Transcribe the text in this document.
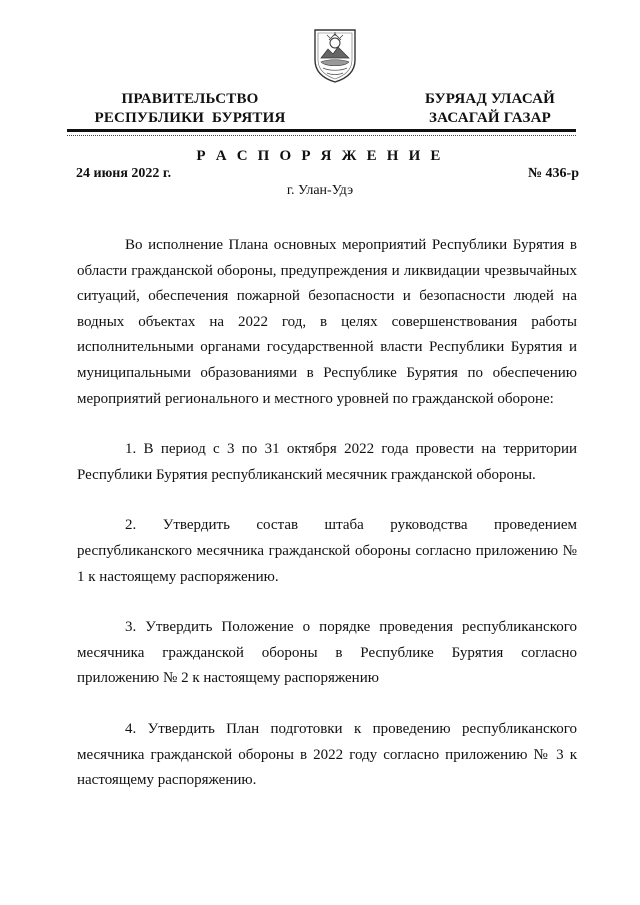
ПРАВИТЕЛЬСТВО
РЕСПУБЛИКИ  БУРЯТИЯ
БУРЯАД УЛАСАЙ
ЗАСАГАЙ ГАЗАР
Р А С П О Р Я Ж Е Н И Е
24 июня 2022 г.	№ 436-р
г. Улан-Удэ

Во исполнение Плана основных мероприятий Республики Бурятия в области гражданской обороны, предупреждения и ликвидации чрезвычайных ситуаций, обеспечения пожарной безопасности и безопасности людей на водных объектах на 2022 год, в целях совершенствования работы исполнительными органами государственной власти Республики Бурятия и муниципальными образованиями в Республике Бурятия по обеспечению мероприятий регионального и местного уровней по гражданской обороне:

1. В период с 3 по 31 октября 2022 года провести на территории Республики Бурятия республиканский месячник гражданской обороны.

2. Утвердить состав штаба руководства проведением республиканского месячника гражданской обороны согласно приложению № 1 к настоящему распоряжению.

3. Утвердить Положение о порядке проведения республиканского месячника гражданской обороны в Республике Бурятия согласно приложению № 2 к настоящему распоряжению

4. Утвердить План подготовки к проведению республиканского месячника гражданской обороны в 2022 году согласно приложению № 3 к настоящему распоряжению.
